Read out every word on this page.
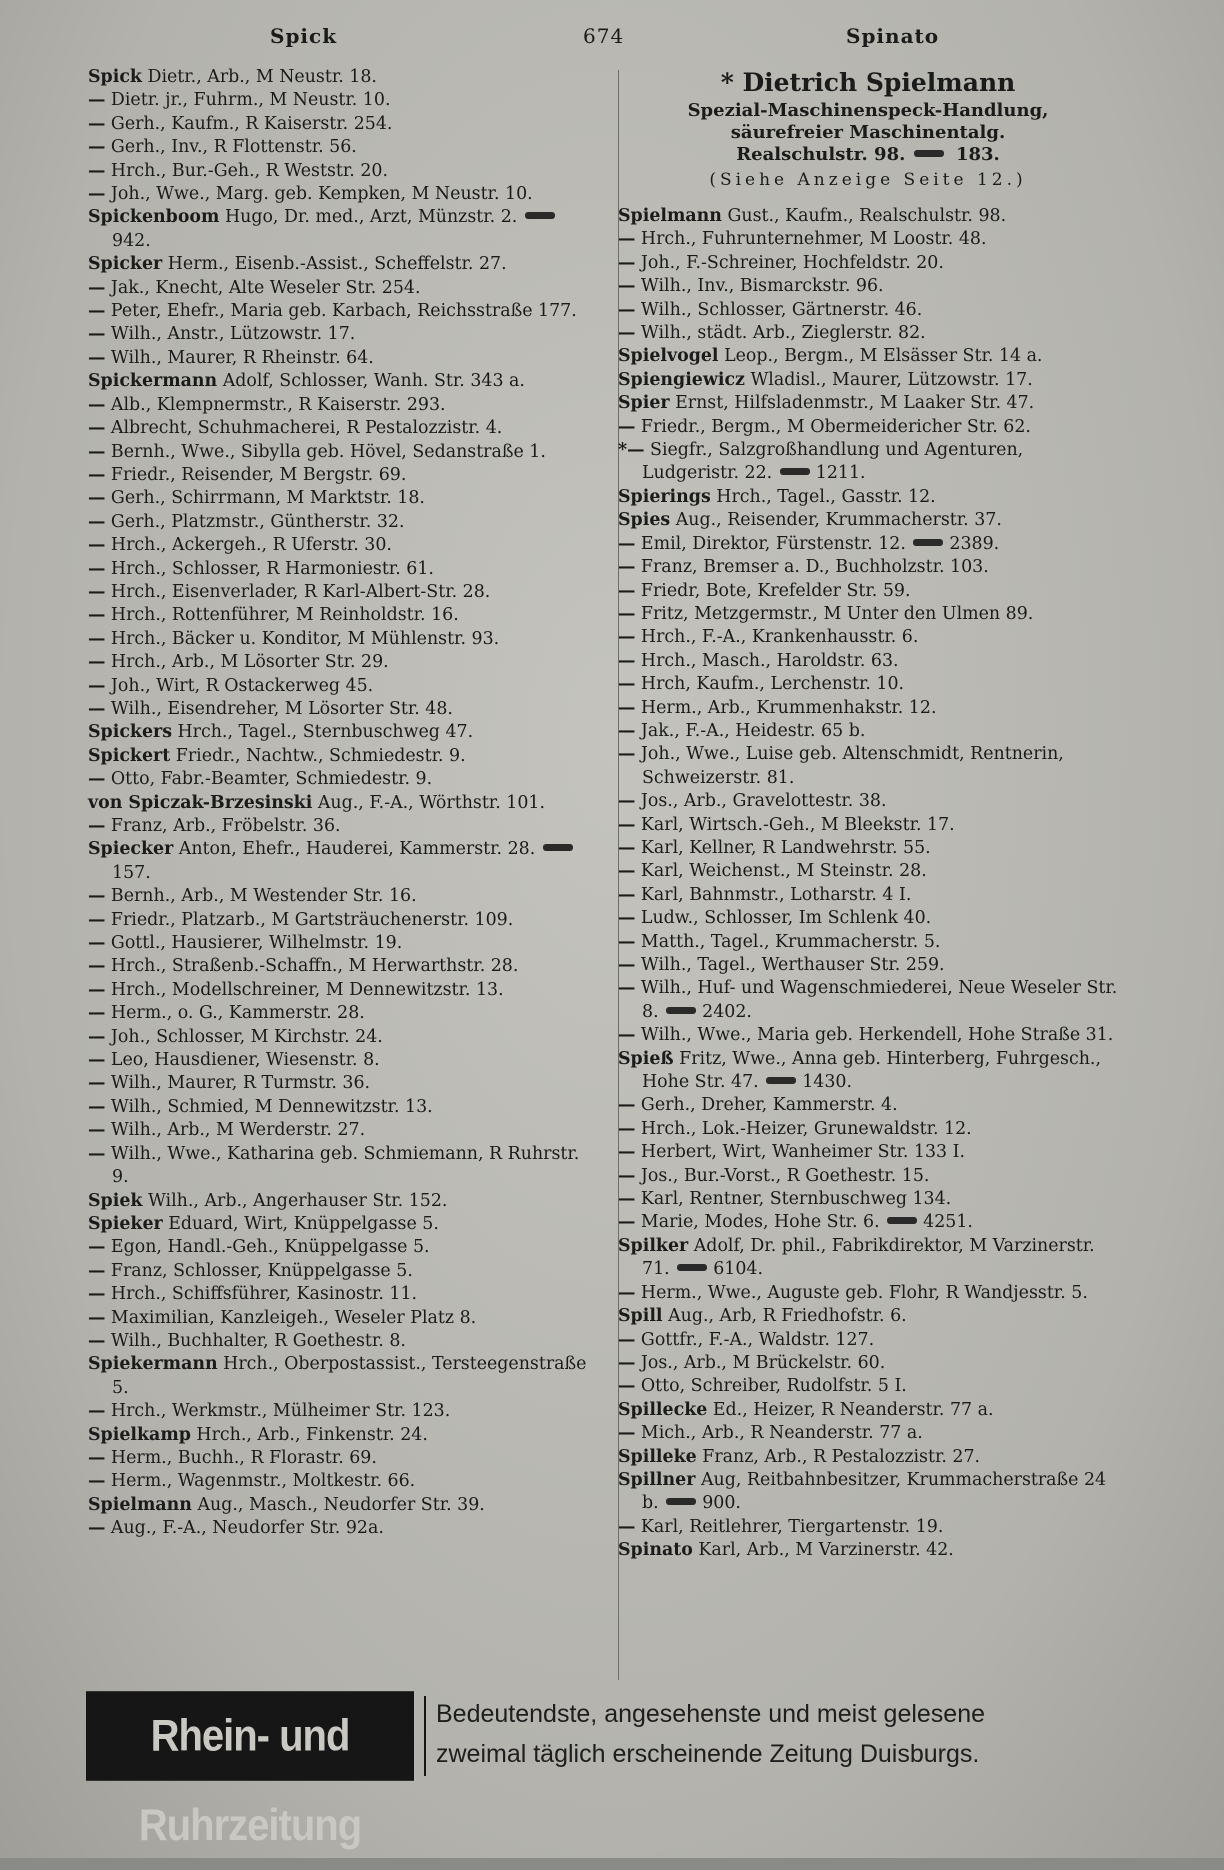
Spick	674	Spinato
Spick Dietr., Arb., M Neustr. 18.
— Dietr. jr., Fuhrm., M Neustr. 10.
— Gerh., Kaufm., R Kaiserstr. 254.
— Gerh., Inv., R Flottenstr. 56.
— Hrch., Bur.-Geh., R Weststr. 20.
— Joh., Wwe., Marg. geb. Kempken, M Neustr. 10.
Spickenboom Hugo, Dr. med., Arzt, Münzstr. 2. 942.
Spicker Herm., Eisenb.-Assist., Scheffelstr. 27.
— Jak., Knecht, Alte Weseler Str. 254.
— Peter, Ehefr., Maria geb. Karbach, Reichsstraße 177.
— Wilh., Anstr., Lützowstr. 17.
— Wilh., Maurer, R Rheinstr. 64.
Spickermann Adolf, Schlosser, Wanh. Str. 343 a.
— Alb., Klempnermstr., R Kaiserstr. 293.
— Albrecht, Schuhmacherei, R Pestalozzistr. 4.
— Bernh., Wwe., Sibylla geb. Hövel, Sedanstraße 1.
— Friedr., Reisender, M Bergstr. 69.
— Gerh., Schirrmann, M Marktstr. 18.
— Gerh., Platzmstr., Güntherstr. 32.
— Hrch., Ackergeh., R Uferstr. 30.
— Hrch., Schlosser, R Harmoniestr. 61.
— Hrch., Eisenverlader, R Karl-Albert-Str. 28.
— Hrch., Rottenführer, M Reinholdstr. 16.
— Hrch., Bäcker u. Konditor, M Mühlenstr. 93.
— Hrch., Arb., M Lösorter Str. 29.
— Joh., Wirt, R Ostackerweg 45.
— Wilh., Eisendreher, M Lösorter Str. 48.
Spickers Hrch., Tagel., Sternbuschweg 47.
Spickert Friedr., Nachtw., Schmiedestr. 9.
— Otto, Fabr.-Beamter, Schmiedestr. 9.
von Spiczak-Brzesinski Aug., F.-A., Wörthstr. 101.
— Franz, Arb., Fröbelstr. 36.
Spiecker Anton, Ehefr., Hauderei, Kammerstr. 28. 157.
— Bernh., Arb., M Westender Str. 16.
— Friedr., Platzarb., M Gartsträuchenerstr. 109.
— Gottl., Hausierer, Wilhelmstr. 19.
— Hrch., Straßenb.-Schaffn., M Herwarthstr. 28.
— Hrch., Modellschreiner, M Dennewitzstr. 13.
— Herm., o. G., Kammerstr. 28.
— Joh., Schlosser, M Kirchstr. 24.
— Leo, Hausdiener, Wiesenstr. 8.
— Wilh., Maurer, R Turmstr. 36.
— Wilh., Schmied, M Dennewitzstr. 13.
— Wilh., Arb., M Werderstr. 27.
— Wilh., Wwe., Katharina geb. Schmiemann, R Ruhrstr. 9.
Spiek Wilh., Arb., Angerhauser Str. 152.
Spieker Eduard, Wirt, Knüppelgasse 5.
— Egon, Handl.-Geh., Knüppelgasse 5.
— Franz, Schlosser, Knüppelgasse 5.
— Hrch., Schiffsführer, Kasinostr. 11.
— Maximilian, Kanzleigeh., Weseler Platz 8.
— Wilh., Buchhalter, R Goethestr. 8.
Spiekermann Hrch., Oberpostassist., Tersteegenstraße 5.
— Hrch., Werkmstr., Mülheimer Str. 123.
Spielkamp Hrch., Arb., Finkenstr. 24.
— Herm., Buchh., R Florastr. 69.
— Herm., Wagenmstr., Moltkestr. 66.
Spielmann Aug., Masch., Neudorfer Str. 39.
— Aug., F.-A., Neudorfer Str. 92a.
* Dietrich Spielmann
Spezial-Maschinenspeck-Handlung,
säurefreier Maschinentalg.
Realschulstr. 98.	183.
(Siehe Anzeige Seite 12.)
Spielmann Gust., Kaufm., Realschulstr. 98.
— Hrch., Fuhrunternehmer, M Loostr. 48.
— Joh., F.-Schreiner, Hochfeldstr. 20.
— Wilh., Inv., Bismarckstr. 96.
— Wilh., Schlosser, Gärtnerstr. 46.
— Wilh., städt. Arb., Zieglerstr. 82.
Spielvogel Leop., Bergm., M Elsässer Str. 14 a.
Spiengiewicz Wladisl., Maurer, Lützowstr. 17.
Spier Ernst, Hilfsladenmstr., M Laaker Str. 47.
— Friedr., Bergm., M Obermeidericher Str. 62.
*— Siegfr., Salzgroßhandlung und Agenturen, Ludgeristr. 22.	1211.
Spierings Hrch., Tagel., Gasstr. 12.
Spies Aug., Reisender, Krummacherstr. 37.
— Emil, Direktor, Fürstenstr. 12.	2389.
— Franz, Bremser a. D., Buchholzstr. 103.
— Friedr, Bote, Krefelder Str. 59.
— Fritz, Metzgermstr., M Unter den Ulmen 89.
— Hrch., F.-A., Krankenhausstr. 6.
— Hrch., Masch., Haroldstr. 63.
— Hrch, Kaufm., Lerchenstr. 10.
— Herm., Arb., Krummenhakstr. 12.
— Jak., F.-A., Heidestr. 65 b.
— Joh., Wwe., Luise geb. Altenschmidt, Rentnerin, Schweizerstr. 81.
— Jos., Arb., Gravelottestr. 38.
— Karl, Wirtsch.-Geh., M Bleekstr. 17.
— Karl, Kellner, R Landwehrstr. 55.
— Karl, Weichenst., M Steinstr. 28.
— Karl, Bahnmstr., Lotharstr. 4 I.
— Ludw., Schlosser, Im Schlenk 40.
— Matth., Tagel., Krummacherstr. 5.
— Wilh., Tagel., Werthauser Str. 259.
— Wilh., Huf- und Wagenschmiederei, Neue Weseler Str. 8.	2402.
— Wilh., Wwe., Maria geb. Herkendell, Hohe Straße 31.
Spieß Fritz, Wwe., Anna geb. Hinterberg, Fuhrgesch., Hohe Str. 47.	1430.
— Gerh., Dreher, Kammerstr. 4.
— Hrch., Lok.-Heizer, Grunewaldstr. 12.
— Herbert, Wirt, Wanheimer Str. 133 I.
— Jos., Bur.-Vorst., R Goethestr. 15.
— Karl, Rentner, Sternbuschweg 134.
— Marie, Modes, Hohe Str. 6.	4251.
Spilker Adolf, Dr. phil., Fabrikdirektor, M Varzinerstr. 71.	6104.
— Herm., Wwe., Auguste geb. Flohr, R Wandjesstr. 5.
Spill Aug., Arb, R Friedhofstr. 6.
— Gottfr., F.-A., Waldstr. 127.
— Jos., Arb., M Brückelstr. 60.
— Otto, Schreiber, Rudolfstr. 5 I.
Spillecke Ed., Heizer, R Neanderstr. 77 a.
— Mich., Arb., R Neanderstr. 77 a.
Spilleke Franz, Arb., R Pestalozzistr. 27.
Spillner Aug, Reitbahnbesitzer, Krummacherstraße 24 b.	900.
— Karl, Reitlehrer, Tiergartenstr. 19.
Spinato Karl, Arb., M Varzinerstr. 42.
Rhein- und Ruhrzeitung
Bedeutendste, angesehenste und meist gelesene
zweimal täglich erscheinende Zeitung Duisburgs.
